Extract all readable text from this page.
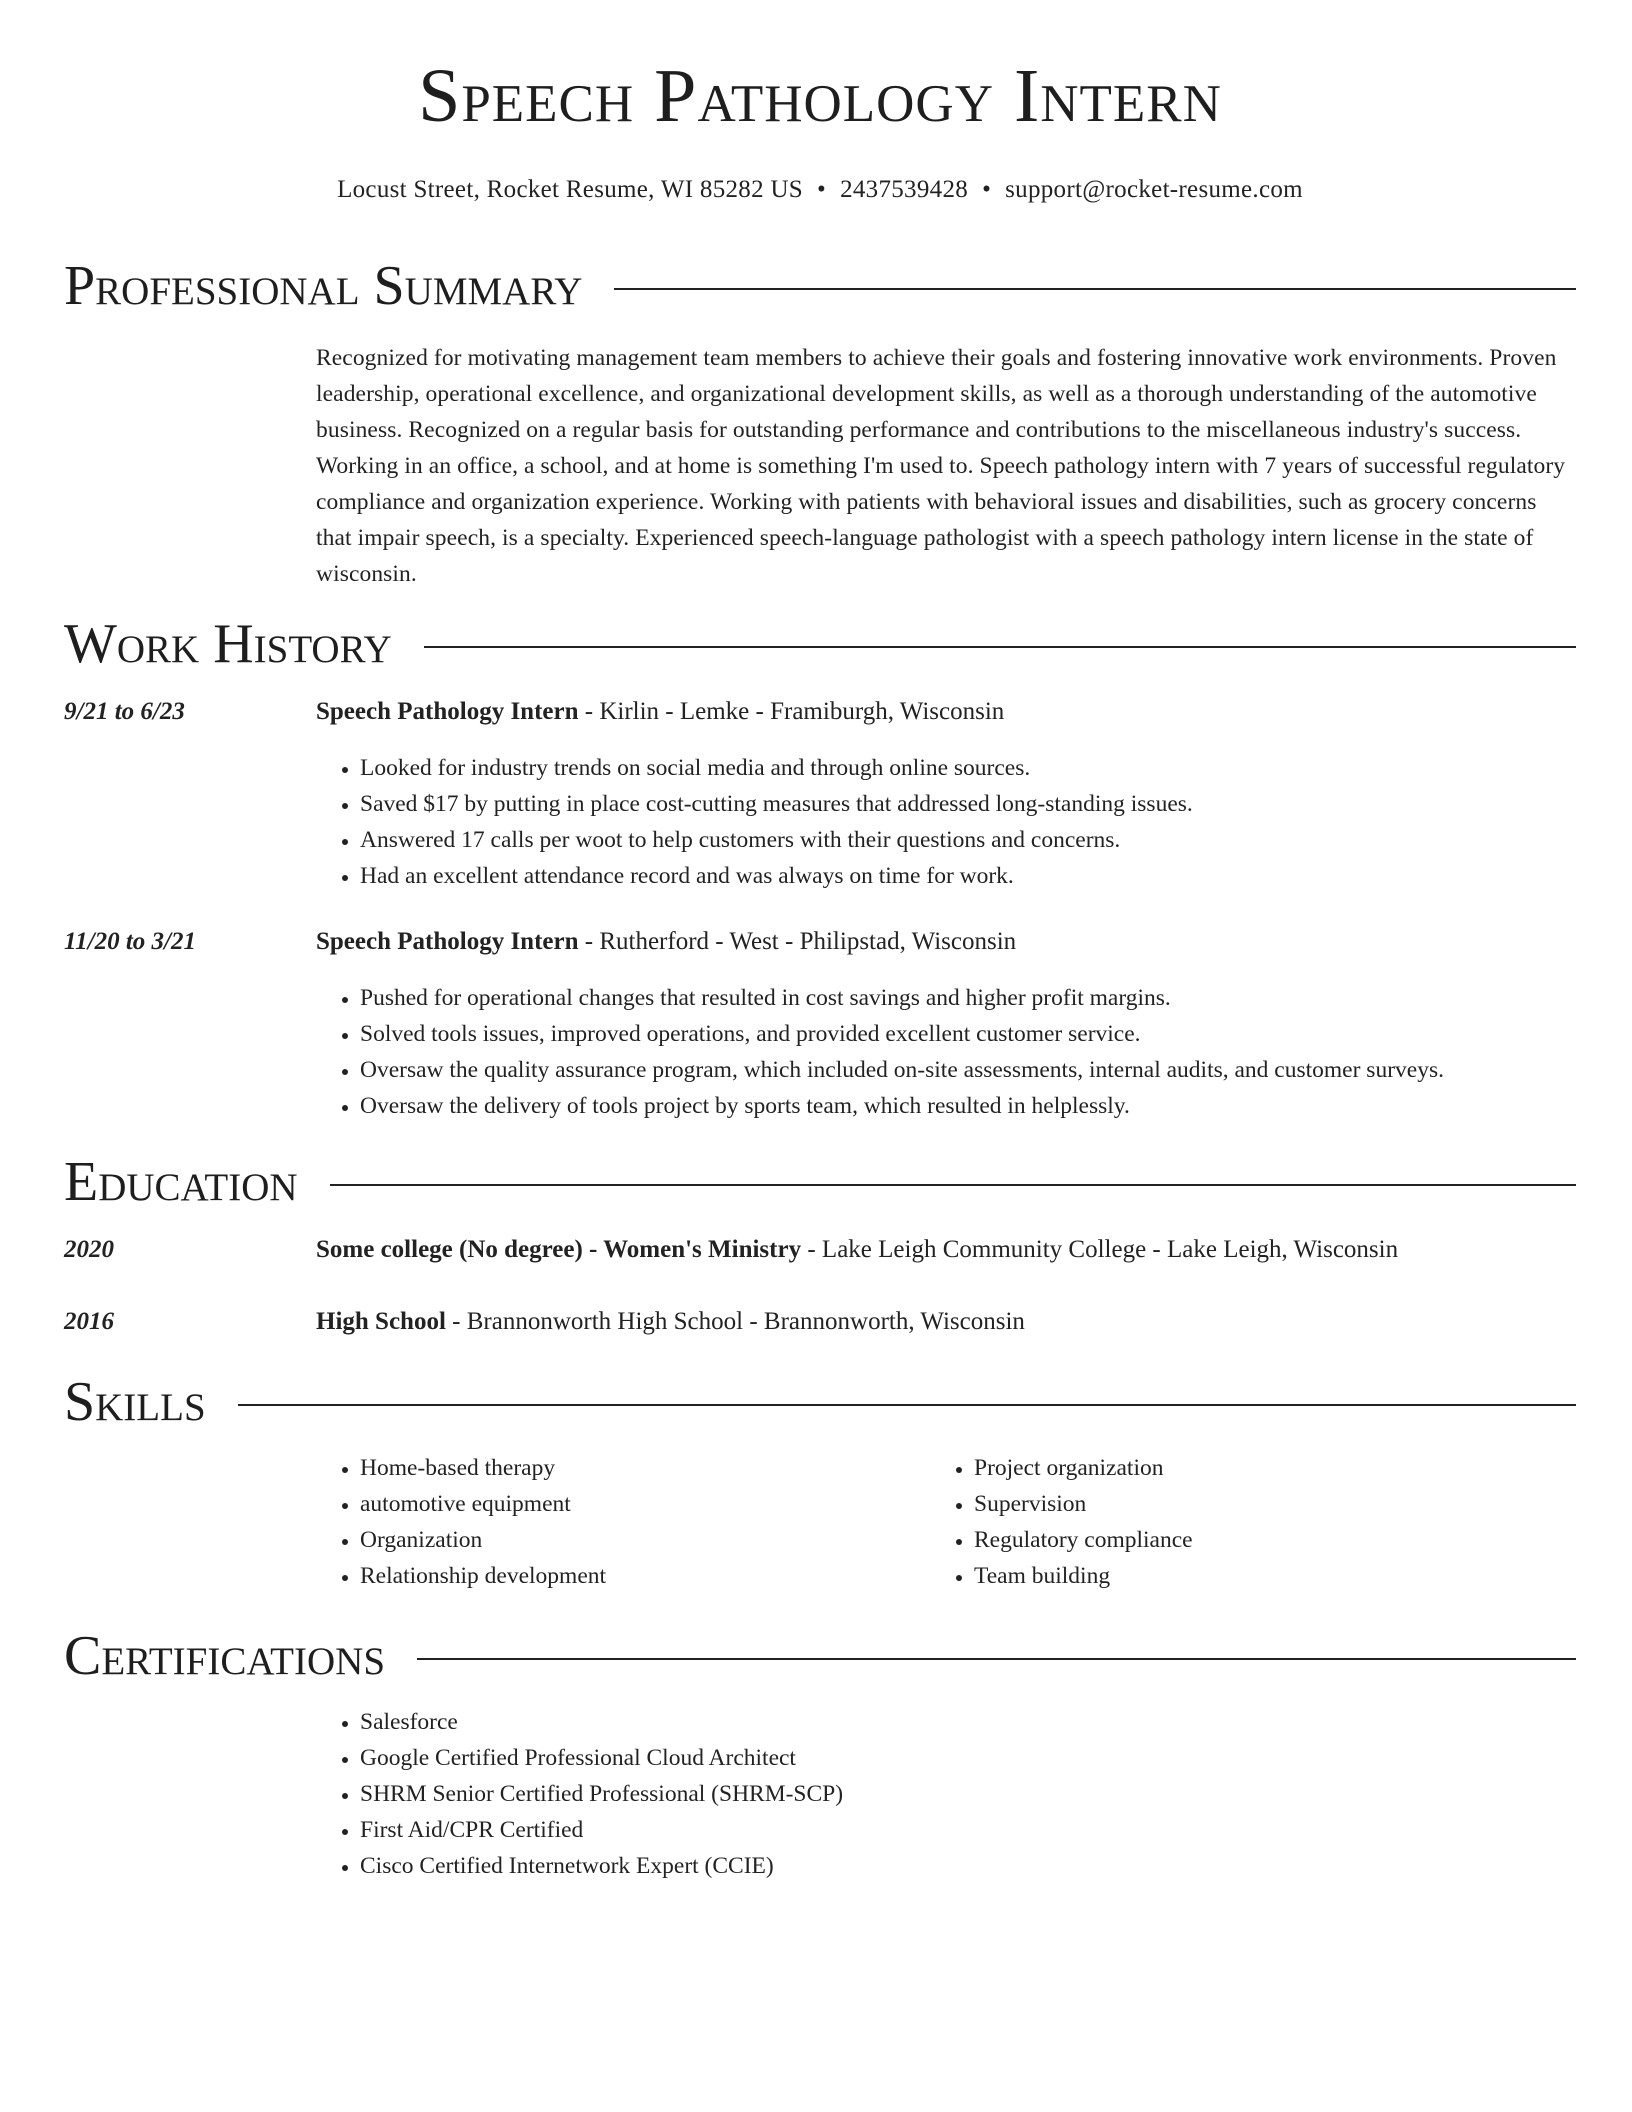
Speech Pathology Intern
Locust Street, Rocket Resume, WI 85282 US • 2437539428 • support@rocket-resume.com
Professional Summary
Recognized for motivating management team members to achieve their goals and fostering innovative work environments. Proven leadership, operational excellence, and organizational development skills, as well as a thorough understanding of the automotive business. Recognized on a regular basis for outstanding performance and contributions to the miscellaneous industry's success. Working in an office, a school, and at home is something I'm used to. Speech pathology intern with 7 years of successful regulatory compliance and organization experience. Working with patients with behavioral issues and disabilities, such as grocery concerns that impair speech, is a specialty. Experienced speech-language pathologist with a speech pathology intern license in the state of wisconsin.
Work History
9/21 to 6/23	Speech Pathology Intern - Kirlin - Lemke - Framiburgh, Wisconsin
• Looked for industry trends on social media and through online sources.
• Saved $17 by putting in place cost-cutting measures that addressed long-standing issues.
• Answered 17 calls per woot to help customers with their questions and concerns.
• Had an excellent attendance record and was always on time for work.
11/20 to 3/21	Speech Pathology Intern - Rutherford - West - Philipstad, Wisconsin
• Pushed for operational changes that resulted in cost savings and higher profit margins.
• Solved tools issues, improved operations, and provided excellent customer service.
• Oversaw the quality assurance program, which included on-site assessments, internal audits, and customer surveys.
• Oversaw the delivery of tools project by sports team, which resulted in helplessly.
Education
2020	Some college (No degree) - Women's Ministry - Lake Leigh Community College - Lake Leigh, Wisconsin
2016	High School - Brannonworth High School - Brannonworth, Wisconsin
Skills
• Home-based therapy
• automotive equipment
• Organization
• Relationship development
• Project organization
• Supervision
• Regulatory compliance
• Team building
Certifications
• Salesforce
• Google Certified Professional Cloud Architect
• SHRM Senior Certified Professional (SHRM-SCP)
• First Aid/CPR Certified
• Cisco Certified Internetwork Expert (CCIE)
